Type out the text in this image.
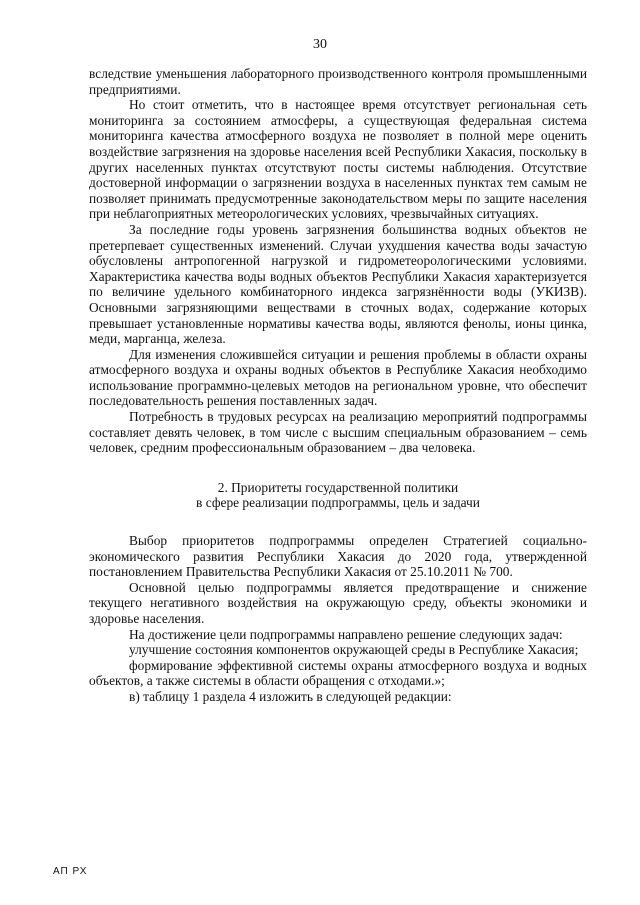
30

вследствие уменьшения лабораторного производственного контроля промышленными предприятиями.

Но стоит отметить, что в настоящее время отсутствует региональная сеть мониторинга за состоянием атмосферы, а существующая федеральная система мониторинга качества атмосферного воздуха не позволяет в полной мере оценить воздействие загрязнения на здоровье населения всей Республики Хакасия, поскольку в других населенных пунктах отсутствуют посты системы наблюдения. Отсутствие достоверной информации о загрязнении воздуха в населенных пунктах тем самым не позволяет принимать предусмотренные законодательством меры по защите населения при неблагоприятных метеорологических условиях, чрезвычайных ситуациях.

За последние годы уровень загрязнения большинства водных объектов не претерпевает существенных изменений. Случаи ухудшения качества воды зачастую обусловлены антропогенной нагрузкой и гидрометеорологическими условиями. Характеристика качества воды водных объектов Республики Хакасия характеризуется по величине удельного комбинаторного индекса загрязнённости воды (УКИЗВ). Основными загрязняющими веществами в сточных водах, содержание которых превышает установленные нормативы качества воды, являются фенолы, ионы цинка, меди, марганца, железа.

Для изменения сложившейся ситуации и решения проблемы в области охраны атмосферного воздуха и охраны водных объектов в Республике Хакасия необходимо использование программно-целевых методов на региональном уровне, что обеспечит последовательность решения поставленных задач.

Потребность в трудовых ресурсах на реализацию мероприятий подпрограммы составляет девять человек, в том числе с высшим специальным образованием – семь человек, средним профессиональным образованием – два человека.

2. Приоритеты государственной политики
в сфере реализации подпрограммы, цель и задачи

Выбор приоритетов подпрограммы определен Стратегией социально-экономического развития Республики Хакасия до 2020 года, утвержденной постановлением Правительства Республики Хакасия от 25.10.2011 № 700.

Основной целью подпрограммы является предотвращение и снижение текущего негативного воздействия на окружающую среду, объекты экономики и здоровье населения.

На достижение цели подпрограммы направлено решение следующих задач:

улучшение состояния компонентов окружающей среды в Республике Хакасия;

формирование эффективной системы охраны атмосферного воздуха и водных объектов, а также системы в области обращения с отходами.»;

в) таблицу 1 раздела 4 изложить в следующей редакции:

АП РХ
